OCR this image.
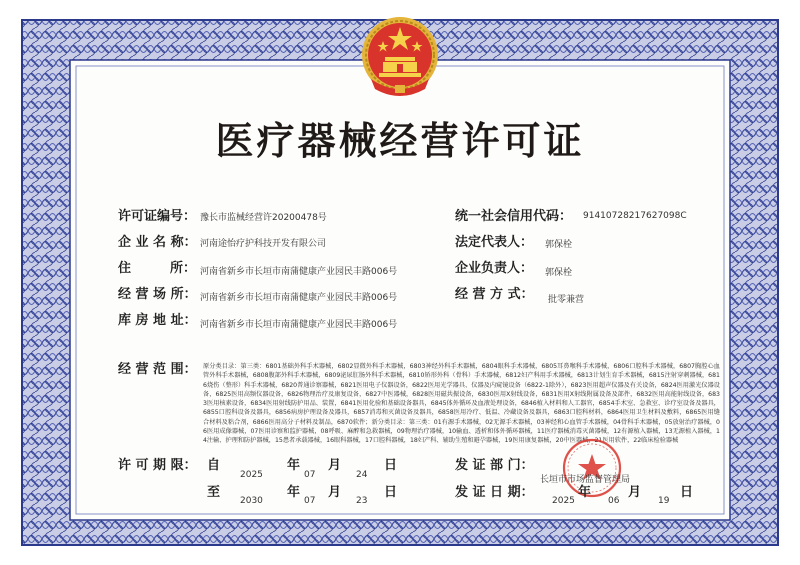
医疗器械经营许可证
许可证编号： 豫长市监械经营许20200478号
企 业 名 称： 河南途怡疗护科技开发有限公司
住　　　所： 河南省新乡市长垣市南蒲健康产业园民丰路006号
经 营 场 所： 河南省新乡市长垣市南蒲健康产业园民丰路006号
库 房 地 址： 河南省新乡市长垣市南蒲健康产业园民丰路006号
统一社会信用代码： 91410728217627098C
法定代表人： 郭保栓
企业负责人： 郭保栓
经 营 方 式： 批零兼营
经 营 范 围： 原分类目录：第三类：6801基础外科手术器械，6802显微外科手术器械，6803神经外科手术器械，6804眼科手术器械，6805耳鼻喉科手术器械，6806口腔科手术器械，6807胸腔心血管外科手术器械，6808腹部外科手术器械，6809泌尿肛肠外科手术器械，6810矫形外科（骨科）手术器械，6812妇产科用手术器械，6813计划生育手术器械，6815注射穿刺器械，6816烧伤（整形）科手术器械，6820普通诊察器械，6821医用电子仪器设备，6822医用光学器具、仪器及内窥镜设备（6822-1除外），6823医用超声仪器及有关设备，6824医用激光仪器设备，6825医用高频仪器设备，6826物理治疗及康复设备，6827中医器械，6828医用磁共振设备，6830医用X射线设备，6831医用X射线附属设备及部件，6832医用高能射线设备，6833医用核素设备，6834医用射线防护用品、装置，6841医用化验和基础设备器具，6845体外循环及血液处理设备，6846植入材料和人工器官，6854手术室、急救室、诊疗室设备及器具，6855口腔科设备及器具，6856病房护理设备及器具，6857消毒和灭菌设备及器具，6858医用冷疗、低温、冷藏设备及器具，6863口腔科材料，6864医用卫生材料及敷料，6865医用缝合材料及粘合剂，6866医用高分子材料及制品，6870软件；新分类目录：第三类：01有源手术器械，02无源手术器械，03神经和心血管手术器械，04骨科手术器械，05放射治疗器械，06医用成像器械，07医用诊察和监护器械，08呼吸、麻醉和急救器械，09物理治疗器械，10输血、透析和体外循环器械，11医疗器械消毒灭菌器械，12有源植入器械，13无源植入器械，14注输、护理和防护器械，15患者承载器械，16眼科器械，17口腔科器械，18妇产科、辅助生殖和避孕器械，19医用康复器械，20中医器械，21医用软件，22临床检验器械
许 可 期 限： 自	年 月	日
2025	07	24
至	年 月	日
2030	07	23
发 证 部 门：
长垣市市场监督管理局
发 证 日 期：	年	月	日
2025	06	19
